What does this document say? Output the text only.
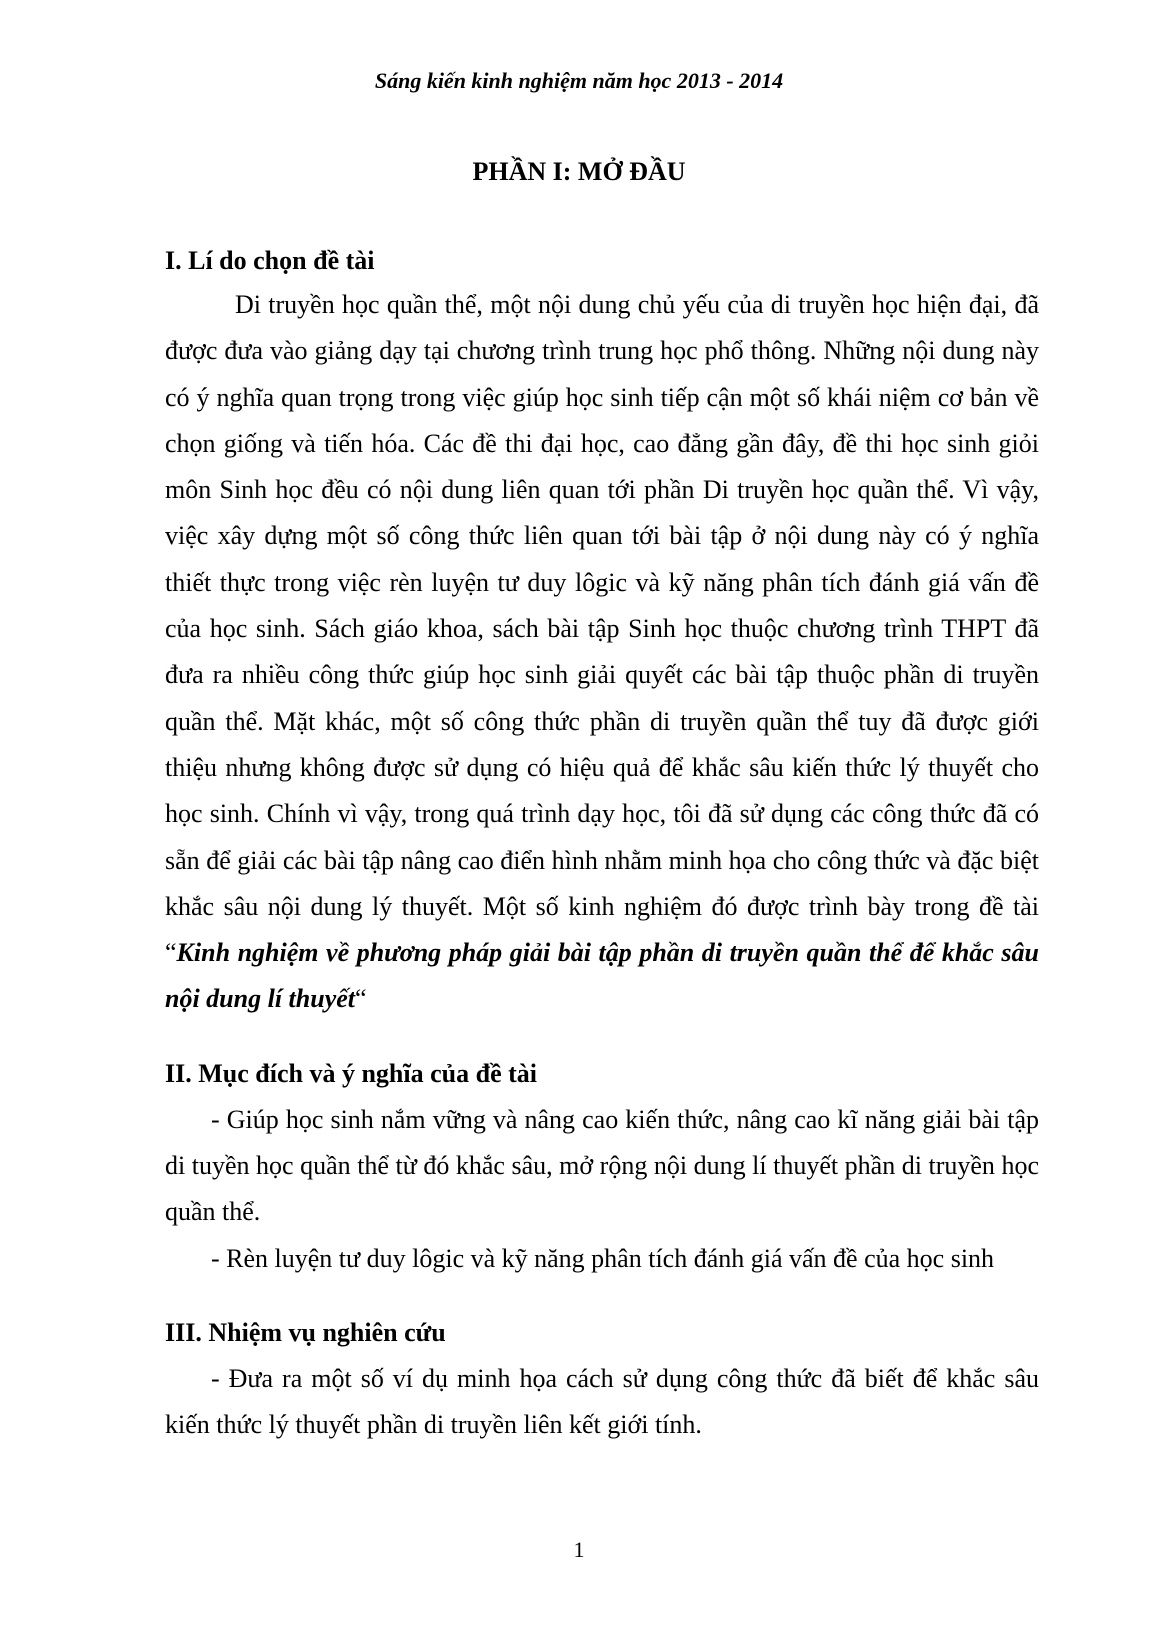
Sáng kiến kinh nghiệm năm học 2013 - 2014
PHẦN I: MỞ ĐẦU
I. Lí do chọn đề tài

Di truyền học quần thể, một nội dung chủ yếu của di truyền học hiện đại, đã được đưa vào giảng dạy tại chương trình trung học phổ thông. Những nội dung này có ý nghĩa quan trọng trong việc giúp học sinh tiếp cận một số khái niệm cơ bản về chọn giống và tiến hóa. Các đề thi đại học, cao đẳng gần đây, đề thi học sinh giỏi môn Sinh học đều có nội dung liên quan tới phần Di truyền học quần thể. Vì vậy, việc xây dựng một số công thức liên quan tới bài tập ở nội dung này có ý nghĩa thiết thực trong việc rèn luyện tư duy lôgic và kỹ năng phân tích đánh giá vấn đề của học sinh. Sách giáo khoa, sách bài tập Sinh học thuộc chương trình THPT đã đưa ra nhiều công thức giúp học sinh giải quyết các bài tập thuộc phần di truyền quần thể. Mặt khác, một số công thức phần di truyền quần thể tuy đã được giới thiệu nhưng không được sử dụng có hiệu quả để khắc sâu kiến thức lý thuyết cho học sinh. Chính vì vậy, trong quá trình dạy học, tôi đã sử dụng các công thức đã có sẵn để giải các bài tập nâng cao điển hình nhằm minh họa cho công thức và đặc biệt khắc sâu nội dung lý thuyết. Một số kinh nghiệm đó được trình bày trong đề tài “Kinh nghiệm về phương pháp giải bài tập phần di truyền quần thể để khắc sâu nội dung lí thuyết“

II. Mục đích và ý nghĩa của đề tài

- Giúp học sinh nắm vững và nâng cao kiến thức, nâng cao kĩ năng giải bài tập di tuyền học quần thể từ đó khắc sâu, mở rộng nội dung lí thuyết phần di truyền học quần thể.

- Rèn luyện tư duy lôgic và kỹ năng phân tích đánh giá vấn đề của học sinh

III. Nhiệm vụ nghiên cứu

- Đưa ra một số ví dụ minh họa cách sử dụng công thức đã biết để khắc sâu kiến thức lý thuyết phần di truyền liên kết giới tính.

1
